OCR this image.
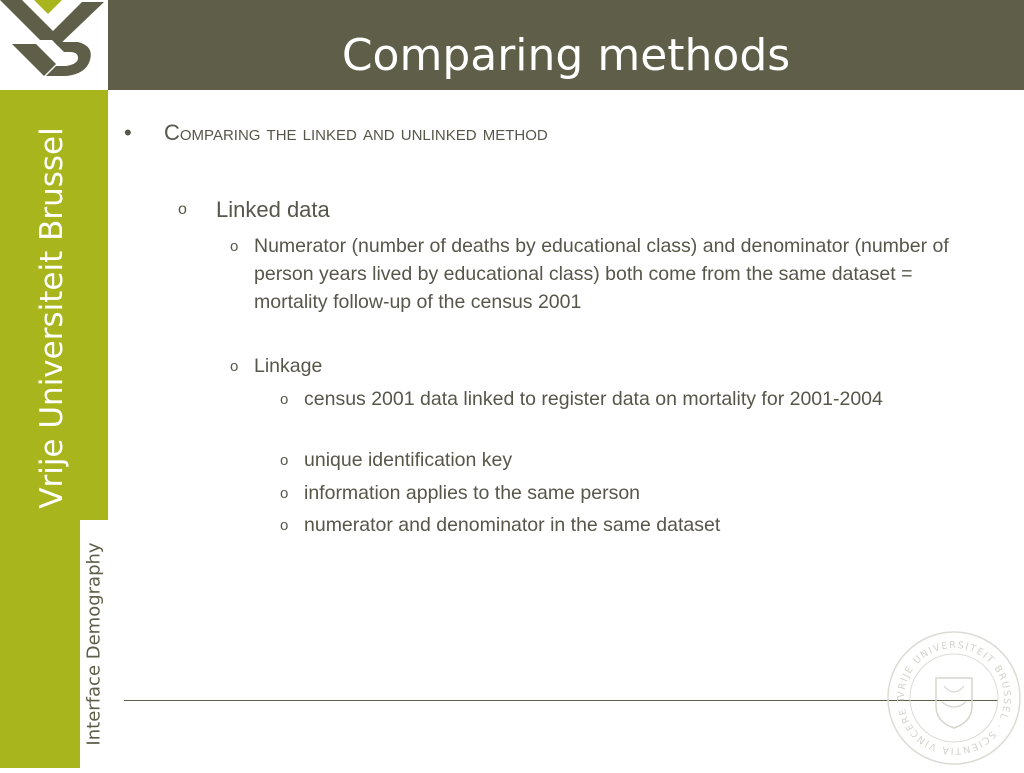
Comparing methods
Vrije Universiteit Brussel
Interface Demography
• Comparing the linked and unlinked method
o Linked data
o Numerator (number of deaths by educational class) and denominator (number of person years lived by educational class) both come from the same dataset = mortality follow-up of the census 2001
o Linkage
o census 2001 data linked to register data on mortality for 2001-2004
o unique identification key
o information applies to the same person
o numerator and denominator in the same dataset
VRIJE UNIVERSITEIT BRUSSEL · SCIENTIA VINCERE T
